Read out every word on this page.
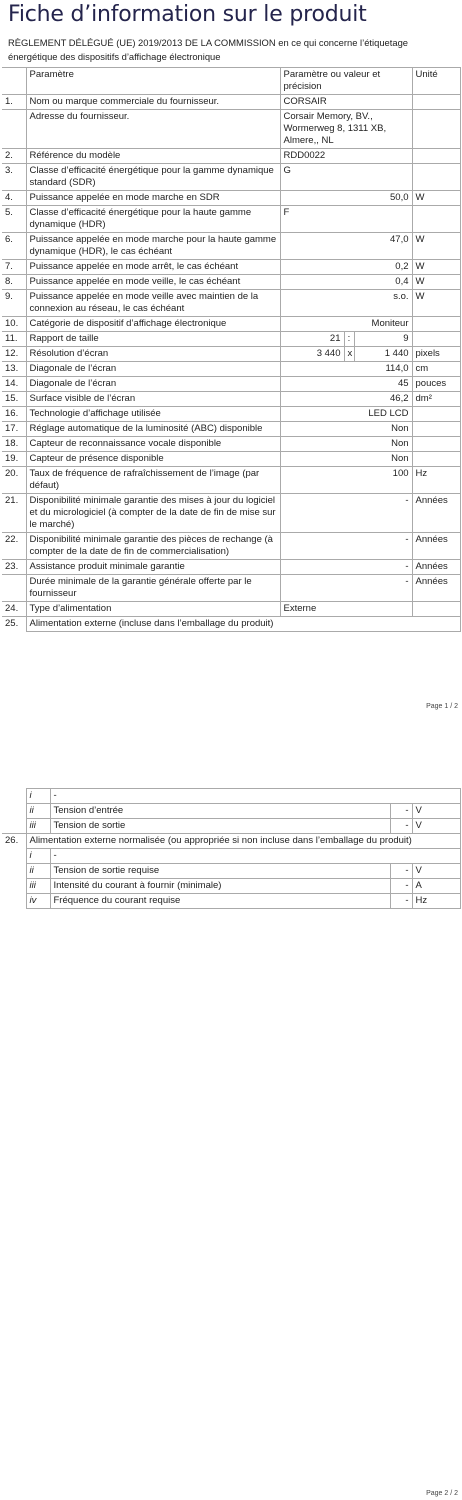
Fiche d’information sur le produit
RÈGLEMENT DÉLÉGUÉ (UE) 2019/2013 DE LA COMMISSION en ce qui concerne l’étiquetage énergétique des dispositifs d’affichage électronique
	Paramètre	Paramètre ou valeur et précision			Unité
1.	Nom ou marque commerciale du fournisseur.	CORSAIR			
	Adresse du fournisseur.	Corsair Memory, BV., Wormerweg 8, 1311 XB, Almere,, NL			
2.	Référence du modèle	RDD0022			
3.	Classe d’efficacité énergétique pour la gamme dynamique standard (SDR)	G			
4.	Puissance appelée en mode marche en SDR	50,0			W
5.	Classe d’efficacité énergétique pour la haute gamme dynamique (HDR)	F			
6.	Puissance appelée en mode marche pour la haute gamme dynamique (HDR), le cas échéant	47,0			W
7.	Puissance appelée en mode arrêt, le cas échéant	0,2			W
8.	Puissance appelée en mode veille, le cas échéant	0,4			W
9.	Puissance appelée en mode veille avec maintien de la connexion au réseau, le cas échéant	s.o.			W
10.	Catégorie de dispositif d’affichage électronique	Moniteur			
11.	Rapport de taille	21	:	9	
12.	Résolution d’écran	3 440	x	1 440	pixels
13.	Diagonale de l’écran	114,0			cm
14.	Diagonale de l’écran	45			pouces
15.	Surface visible de l’écran	46,2			dm²
16.	Technologie d’affichage utilisée	LED LCD			
17.	Réglage automatique de la luminosité (ABC) disponible	Non			
18.	Capteur de reconnaissance vocale disponible	Non			
19.	Capteur de présence disponible	Non			
20.	Taux de fréquence de rafraîchissement de l’image (par défaut)	100			Hz
21.	Disponibilité minimale garantie des mises à jour du logiciel et du micrologiciel (à compter de la date de fin de mise sur le marché)	-			Années
22.	Disponibilité minimale garantie des pièces de rechange (à compter de la date de fin de commercialisation)	-			Années
23.	Assistance produit minimale garantie	-			Années
	Durée minimale de la garantie générale offerte par le fournisseur	-			Années
24.	Type d’alimentation	Externe			
25.	Alimentation externe (incluse dans l’emballage du produit)				
Page 1 / 2
	i	-		
	ii	Tension d’entrée	-	V
	iii	Tension de sortie	-	V
26.	Alimentation externe normalisée (ou appropriée si non incluse dans l’emballage du produit)			
	i	-		
	ii	Tension de sortie requise	-	V
	iii	Intensité du courant à fournir (minimale)	-	A
	iv	Fréquence du courant requise	-	Hz
Page 2 / 2
